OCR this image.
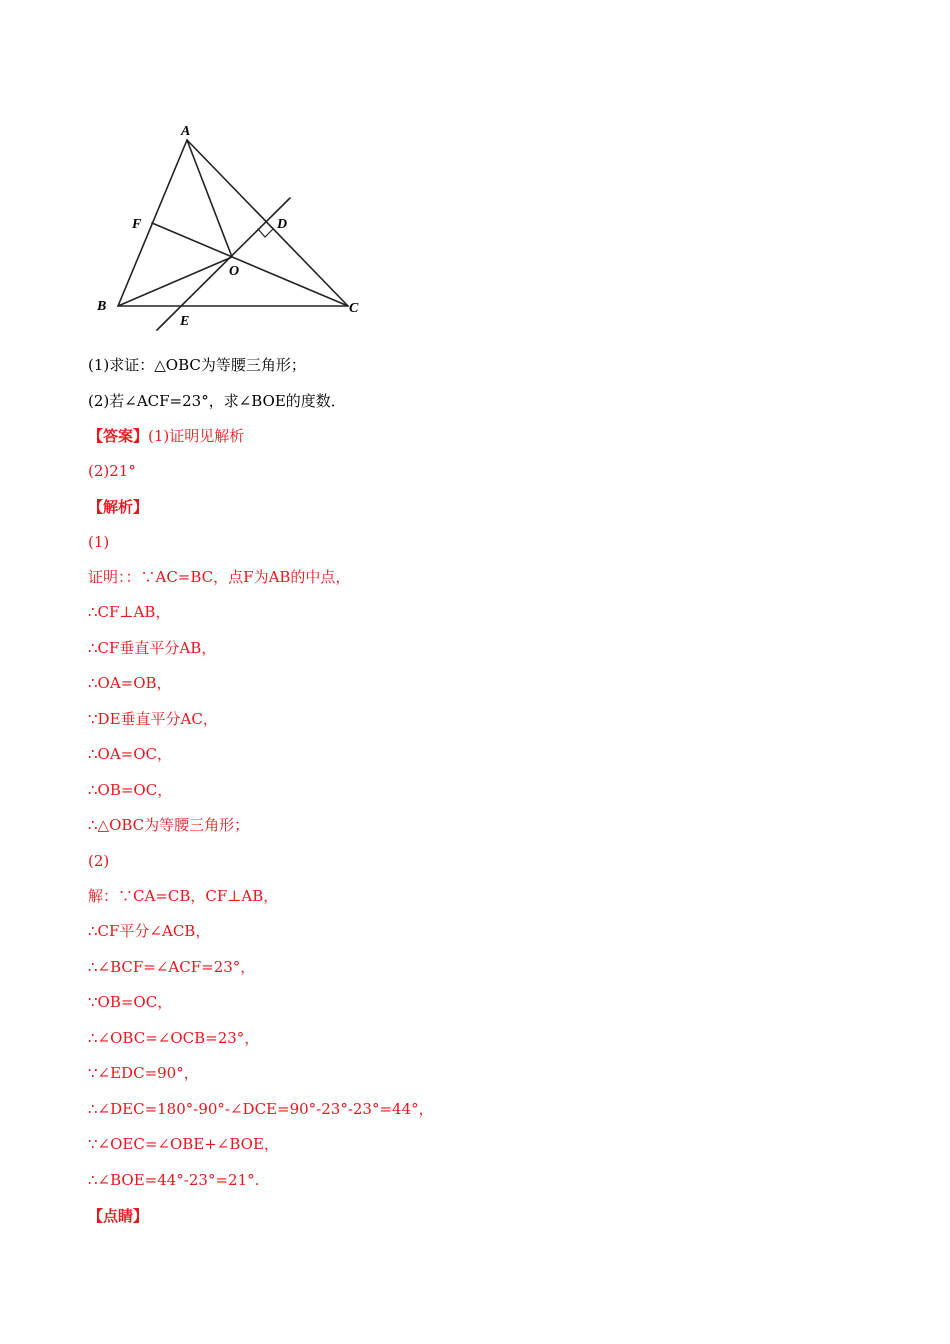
A
F	D
O
B
E
C
(1)求证：△OBC为等腰三角形；
(2)若∠ACF=23°，求∠BOE的度数．
【答案】(1)证明见解析
(2)21°
【解析】
(1)
证明：：∵AC=BC，点F为AB的中点，
∴CF⊥AB，
∴CF垂直平分AB，
∴OA=OB，
∵DE垂直平分AC，
∴OA=OC，
∴OB=OC，
∴△OBC为等腰三角形；
(2)
解：∵CA=CB，CF⊥AB，
∴CF平分∠ACB，
∴∠BCF=∠ACF=23°，
∵OB=OC，
∴∠OBC=∠OCB=23°，
∵∠EDC=90°，
∴∠DEC=180°-90°-∠DCE=90°-23°-23°=44°，
∵∠OEC=∠OBE+∠BOE，
∴∠BOE=44°-23°=21°.
【点睛】
